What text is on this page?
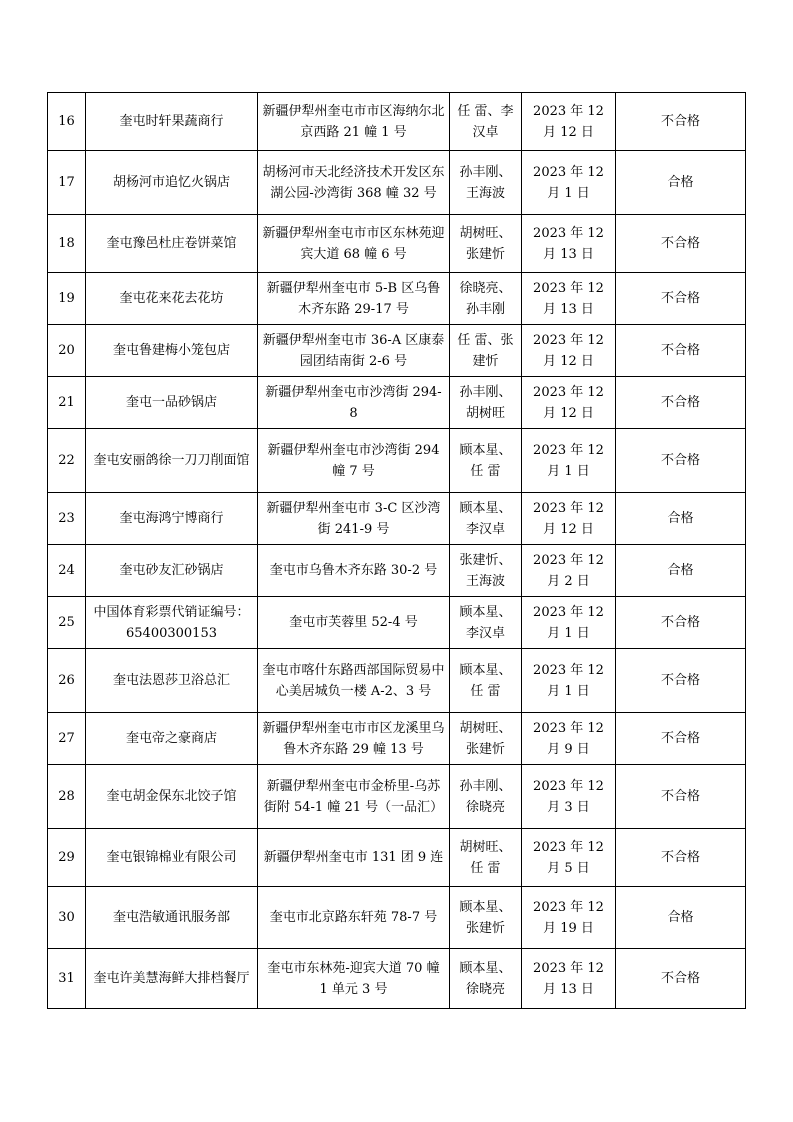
16	奎屯时轩果蔬商行	新疆伊犁州奎屯市市区海纳尔北京西路 21 幢 1 号	任 雷、李汉卓	2023 年 12 月 12 日	不合格
17	胡杨河市追忆火锅店	胡杨河市天北经济技术开发区东湖公园-沙湾街 368 幢 32 号	孙丰刚、王海波	2023 年 12 月 1 日	合格
18	奎屯豫邑杜庄卷饼菜馆	新疆伊犁州奎屯市市区东林苑迎宾大道 68 幢 6 号	胡树旺、张建忻	2023 年 12 月 13 日	不合格
19	奎屯花来花去花坊	新疆伊犁州奎屯市 5-B 区乌鲁木齐东路 29-17 号	徐晓亮、孙丰刚	2023 年 12 月 13 日	不合格
20	奎屯鲁建梅小笼包店	新疆伊犁州奎屯市 36-A 区康泰园团结南街 2-6 号	任 雷、张建忻	2023 年 12 月 12 日	不合格
21	奎屯一品砂锅店	新疆伊犁州奎屯市沙湾街 294-8	孙丰刚、胡树旺	2023 年 12 月 12 日	不合格
22	奎屯安丽鸽徐一刀刀削面馆	新疆伊犁州奎屯市沙湾街 294 幢 7 号	顾本星、任 雷	2023 年 12 月 1 日	不合格
23	奎屯海鸿宁博商行	新疆伊犁州奎屯市 3-C 区沙湾街 241-9 号	顾本星、李汉卓	2023 年 12 月 12 日	合格
24	奎屯砂友汇砂锅店	奎屯市乌鲁木齐东路 30-2 号	张建忻、王海波	2023 年 12 月 2 日	合格
25	中国体育彩票代销证编号：65400300153	奎屯市芙蓉里 52-4 号	顾本星、李汉卓	2023 年 12 月 1 日	不合格
26	奎屯法恩莎卫浴总汇	奎屯市喀什东路西部国际贸易中心美居城负一楼 A-2、3 号	顾本星、任 雷	2023 年 12 月 1 日	不合格
27	奎屯帝之豪商店	新疆伊犁州奎屯市市区龙溪里乌鲁木齐东路 29 幢 13 号	胡树旺、张建忻	2023 年 12 月 9 日	不合格
28	奎屯胡金保东北饺子馆	新疆伊犁州奎屯市金桥里-乌苏街附 54-1 幢 21 号（一品汇）	孙丰刚、徐晓亮	2023 年 12 月 3 日	不合格
29	奎屯银锦棉业有限公司	新疆伊犁州奎屯市 131 团 9 连	胡树旺、任 雷	2023 年 12 月 5 日	不合格
30	奎屯浩敏通讯服务部	奎屯市北京路东轩苑 78-7 号	顾本星、张建忻	2023 年 12 月 19 日	合格
31	奎屯许美慧海鲜大排档餐厅	奎屯市东林苑-迎宾大道 70 幢 1 单元 3 号	顾本星、徐晓亮	2023 年 12 月 13 日	不合格
